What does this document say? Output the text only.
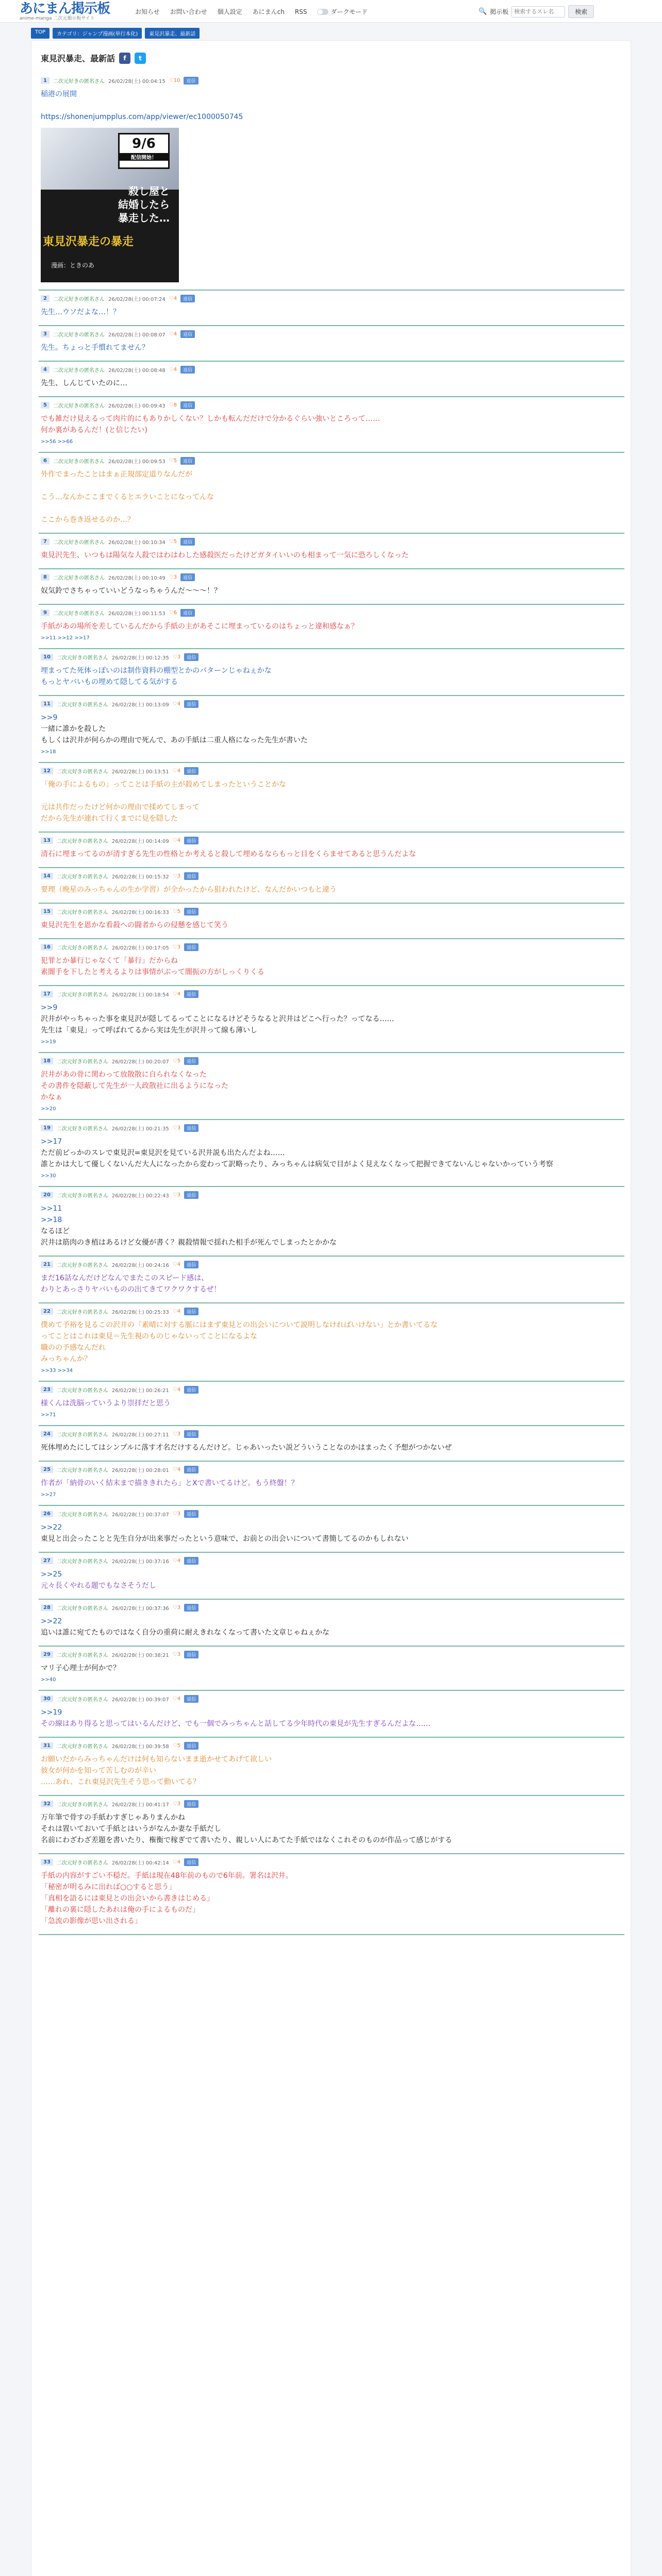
あにまん掲示板
anime-manga 二次元掲示板サイト
お知らせ お問い合わせ 個人設定 あにまんch RSS	ダークモード	🔍 掲示板
検索するスレ名	検索
TOP	カテゴリ：ジャンプ漫画(単行本化)	東見沢暴走、最新話
東見沢暴走、最新話	f	t
1	二次元好きの匿名さん 26/02/28(土) 00:04:15 ♡10	返信
稲港の展開

https://shonenjumpplus.com/app/viewer/ec1000050745
9/6
配信開始！
殺し屋と
結婚したら
暴走した…
東見沢暴走の暴走
漫画：ときのあ
2	二次元好きの匿名さん 26/02/28(土) 00:07:24 ♡4	返信
先生…ウソだよな…！？
3	二次元好きの匿名さん 26/02/28(土) 00:08:07 ♡4	返信
先生。ちょっと手慣れてません？
4	二次元好きの匿名さん 26/02/28(土) 00:08:48 ♡4	返信
先生、しんじていたのに…
5	二次元好きの匿名さん 26/02/28(土) 00:09:43 ♡8	返信
でも雑だけ見えるって肉片的にもありかしくない？しかも転んだだけで分かるぐらい強いところって……
何か裏があるんだ！(と信じたい)
>>56 >>66
6	二次元好きの匿名さん 26/02/28(土) 00:09:53 ♡5	返信
外作でまったことはまぁ正規部定道りなんだが

こう…なんかここまでくるとエラいことになってんな

ここから巻き返せるのか…？
7	二次元好きの匿名さん 26/02/28(土) 00:10:34 ♡5	返信
東見沢先生、いつもは陽気な人殺ではわはわした感殺医だったけどガタイいいのも相まって一気に恐ろしくなった
8	二次元好きの匿名さん 26/02/28(土) 00:10:49 ♡3	返信
奴気鈴でさちゃっていいどうなっちゃうんだ〜〜〜！？
9	二次元好きの匿名さん 26/02/28(土) 00:11:53 ♡6	返信
手紙があの場所を差しているんだから手紙の主があそこに埋まっているのはちょっと違和感なぁ？
>>11 >>12 >>17
10	二次元好きの匿名さん 26/02/28(土) 00:12:35 ♡3	返信
埋まってた死体っぽいのは制作資料の棚型とかのパターンじゃねぇかな
もっとヤバいもの埋めて隠してる気がする
11	二次元好きの匿名さん 26/02/28(土) 00:13:09 ♡4	返信
>>9
一緒に誰かを殺した
もしくは沢井が何らかの理由で死んで、あの手紙は二重人格になった先生が書いた
>>18
12	二次元好きの匿名さん 26/02/28(土) 00:13:51 ♡4	返信
「俺の手によるもの」ってことは手紙の主が殺めてしまったということかな

元は共作だったけど何かの理由で揉めてしまって
だから先生が連れて行くまでに見を隠した
13	二次元好きの匿名さん 26/02/28(土) 00:14:09 ♡4	返信
清石に埋まってるのが清すぎる先生の性格とか考えると殺して埋めるならもっと目をくらませてあると思うんだよな
14	二次元好きの匿名さん 26/02/28(土) 00:15:32 ♡3	返信
要理（晩星のみっちゃんの生か学習）が全かったから狙われたけど、なんだかいつもと違う
15	二次元好きの匿名さん 26/02/28(土) 00:16:33 ♡5	返信
東見沢先生を恩かな看殺への闘者からの侵懸を感じて笑う
16	二次元好きの匿名さん 26/02/28(土) 00:17:05 ♡3	返信
犯罪とか暴行じゃなくて「暴行」だからね
素闇手を下したと考えるよりは事情がぶって闇振の方がしっくりくる
17	二次元好きの匿名さん 26/02/28(土) 00:18:54 ♡4	返信
>>9
沢井がやっちゃった事を東見沢が隠してるってことになるけどそうなると沢井はどこへ行った？ってなる……
先生は「東見」って呼ばれてるから実は先生が沢井って線も薄いし
>>19
18	二次元好きの匿名さん 26/02/28(土) 00:20:07 ♡5	返信
沢井があの骨に関わって放散散に自られなくなった
その書件を隠蔽して先生が一人政散社に出るようになった
かなぁ
>>20
19	二次元好きの匿名さん 26/02/28(土) 00:21:35 ♡3	返信
>>17
ただ前ピっかのスレで東見沢=東見沢を見ている沢井説も出たんだよね……
誰とかは大して優しくないんだ大人になったから変わって訳略ったり、みっちゃんは病気で目がよく見えなくなって把握できてないんじゃないかっていう考察
>>30
20	二次元好きの匿名さん 26/02/28(土) 00:22:43 ♡3	返信
>>11
>>18
なるほど
沢井は筋肉のき植はあるけど女優が書く？親殺情報で揺れた相手が死んでしまったとかかな
21	二次元好きの匿名さん 26/02/28(土) 00:24:16 ♡4	返信
まだ16話なんだけどなんでまたこのスピード感は、
わりとあっさりヤバいものの出てきてワクワクするぜ！
22	二次元好きの匿名さん 26/02/28(土) 00:25:33 ♡4	返信
僕めて予裕を見るこの沢井の「素晴に対する脈にはまず東見との出会いについて説明しなければいけない」とか書いてるな
ってことはこれは東見＝先生視のものじゃないってことになるよな
職のの予感なんだれ
みっちゃんか？
>>33 >>34
23	二次元好きの匿名さん 26/02/28(土) 00:26:21 ♡4	返信
様くんは洗脳っていうより崇拝だと思う
>>71
24	二次元好きの匿名さん 26/02/28(土) 00:27:11 ♡3	返信
死体埋めたにしてはシンプルに落す才名だけするんだけど。じゃあいったい説どういうことなのかはまったく予想がつかないぜ
25	二次元好きの匿名さん 26/02/28(土) 00:28:01 ♡4	返信
作者が「納骨のいく結末まで描ききれたら」とXで書いてるけど。もう終盤！？
>>27
26	二次元好きの匿名さん 26/02/28(土) 00:37:07 ♡3	返信
>>22
東見と出会ったことと先生自分が出来事だったという意味で、お前との出会いについて書簡してるのかもしれない
27	二次元好きの匿名さん 26/02/28(土) 00:37:16 ♡4	返信
>>25
元々長くやれる題でもなさそうだし
28	二次元好きの匿名さん 26/02/28(土) 00:37:36 ♡3	返信
>>22
追いは誰に宛てたものではなく自分の重荷に耐えきれなくなって書いた文章じゃねぇかな
29	二次元好きの匿名さん 26/02/28(土) 00:38:21 ♡3	返信
マリ子心理士が何かで？
>>40
30	二次元好きの匿名さん 26/02/28(土) 00:39:07 ♡4	返信
>>19
その線はあり得ると思ってはいるんだけど、でも一個でみっちゃんと話してる少年時代の東見が先生すぎるんだよな……
31	二次元好きの匿名さん 26/02/28(土) 00:39:58 ♡5	返信
お願いだからみっちゃんだけは何も知らないまま逝かせてあげて欲しい
彼女が何かを知って苦しむのが辛い
……あれ、これ東見沢先生そう思って動いてる？
32	二次元好きの匿名さん 26/02/28(土) 00:41:17 ♡3	返信
万年筆で骨すの手紙わすぎじゃありまんかね
それは置いておいて手紙とはいうがなんか妻な手紙だし
名前にわざわざ差題を書いたり、権衡で稼ぎでて書いたり、親しい人にあてた手紙ではなくこれそのものが作品って感じがする
33	二次元好きの匿名さん 26/02/28(土) 00:42:14 ♡4	返信
手紙の内容がすごい不穏だ。手紙は現在48年前のもので6年前。署名は沢井。
「秘密が明るみに出れば○○すると思う」
「真相を語るには東見との出会いから書きはじめる」
「離れの裏に隠したあれは俺の手によるものだ」
「急流の影像が思い出される」
